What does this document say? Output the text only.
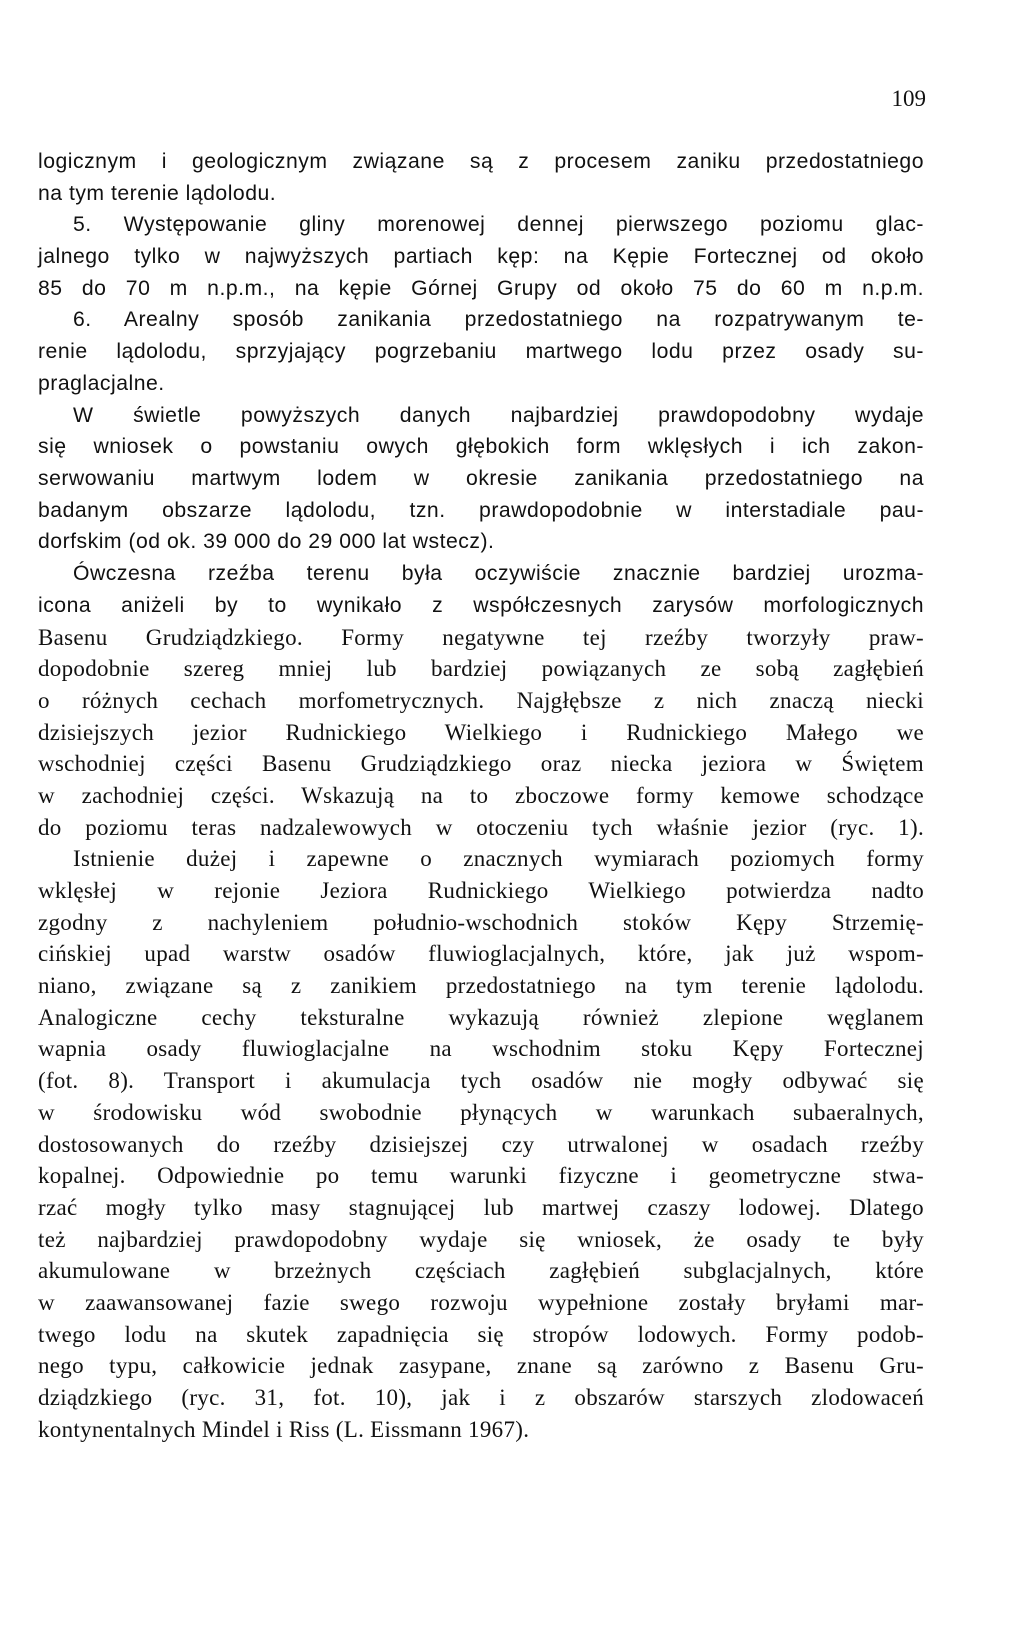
109
logicznym i geologicznym związane są z procesem zaniku przedostatniego
na tym terenie lądolodu.
5. Występowanie gliny morenowej dennej pierwszego poziomu glac-
jalnego tylko w najwyższych partiach kęp: na Kępie Fortecznej od około
85 do 70 m n.p.m., na kępie Górnej Grupy od około 75 do 60 m n.p.m.
6. Arealny sposób zanikania przedostatniego na rozpatrywanym te-
renie lądolodu, sprzyjający pogrzebaniu martwego lodu przez osady su-
praglacjalne.
W świetle powyższych danych najbardziej prawdopodobny wydaje
się wniosek o powstaniu owych głębokich form wklęsłych i ich zakon-
serwowaniu martwym lodem w okresie zanikania przedostatniego na
badanym obszarze lądolodu, tzn. prawdopodobnie w interstadiale pau-
dorfskim (od ok. 39 000 do 29 000 lat wstecz).
Ówczesna rzeźba terenu była oczywiście znacznie bardziej urozma-
icona aniżeli by to wynikało z współczesnych zarysów morfologicznych
Basenu Grudziądzkiego. Formy negatywne tej rzeźby tworzyły praw-
dopodobnie szereg mniej lub bardziej powiązanych ze sobą zagłębień
o różnych cechach morfometrycznych. Najgłębsze z nich znaczą niecki
dzisiejszych jezior Rudnickiego Wielkiego i Rudnickiego Małego we
wschodniej części Basenu Grudziądzkiego oraz niecka jeziora w Świętem
w zachodniej części. Wskazują na to zboczowe formy kemowe schodzące
do poziomu teras nadzalewowych w otoczeniu tych właśnie jezior (ryc. 1).
Istnienie dużej i zapewne o znacznych wymiarach poziomych formy
wklęsłej w rejonie Jeziora Rudnickiego Wielkiego potwierdza nadto
zgodny z nachyleniem południo-wschodnich stoków Kępy Strzemię-
cińskiej upad warstw osadów fluwioglacjalnych, które, jak już wspom-
niano, związane są z zanikiem przedostatniego na tym terenie lądolodu.
Analogiczne cechy teksturalne wykazują również zlepione węglanem
wapnia osady fluwioglacjalne na wschodnim stoku Kępy Fortecznej
(fot. 8). Transport i akumulacja tych osadów nie mogły odbywać się
w środowisku wód swobodnie płynących w warunkach subaeralnych,
dostosowanych do rzeźby dzisiejszej czy utrwalonej w osadach rzeźby
kopalnej. Odpowiednie po temu warunki fizyczne i geometryczne stwa-
rzać mogły tylko masy stagnującej lub martwej czaszy lodowej. Dlatego
też najbardziej prawdopodobny wydaje się wniosek, że osady te były
akumulowane w brzeżnych częściach zagłębień subglacjalnych, które
w zaawansowanej fazie swego rozwoju wypełnione zostały bryłami mar-
twego lodu na skutek zapadnięcia się stropów lodowych. Formy podob-
nego typu, całkowicie jednak zasypane, znane są zarówno z Basenu Gru-
dziądzkiego (ryc. 31, fot. 10), jak i z obszarów starszych zlodowaceń
kontynentalnych Mindel i Riss (L. Eissmann 1967).
